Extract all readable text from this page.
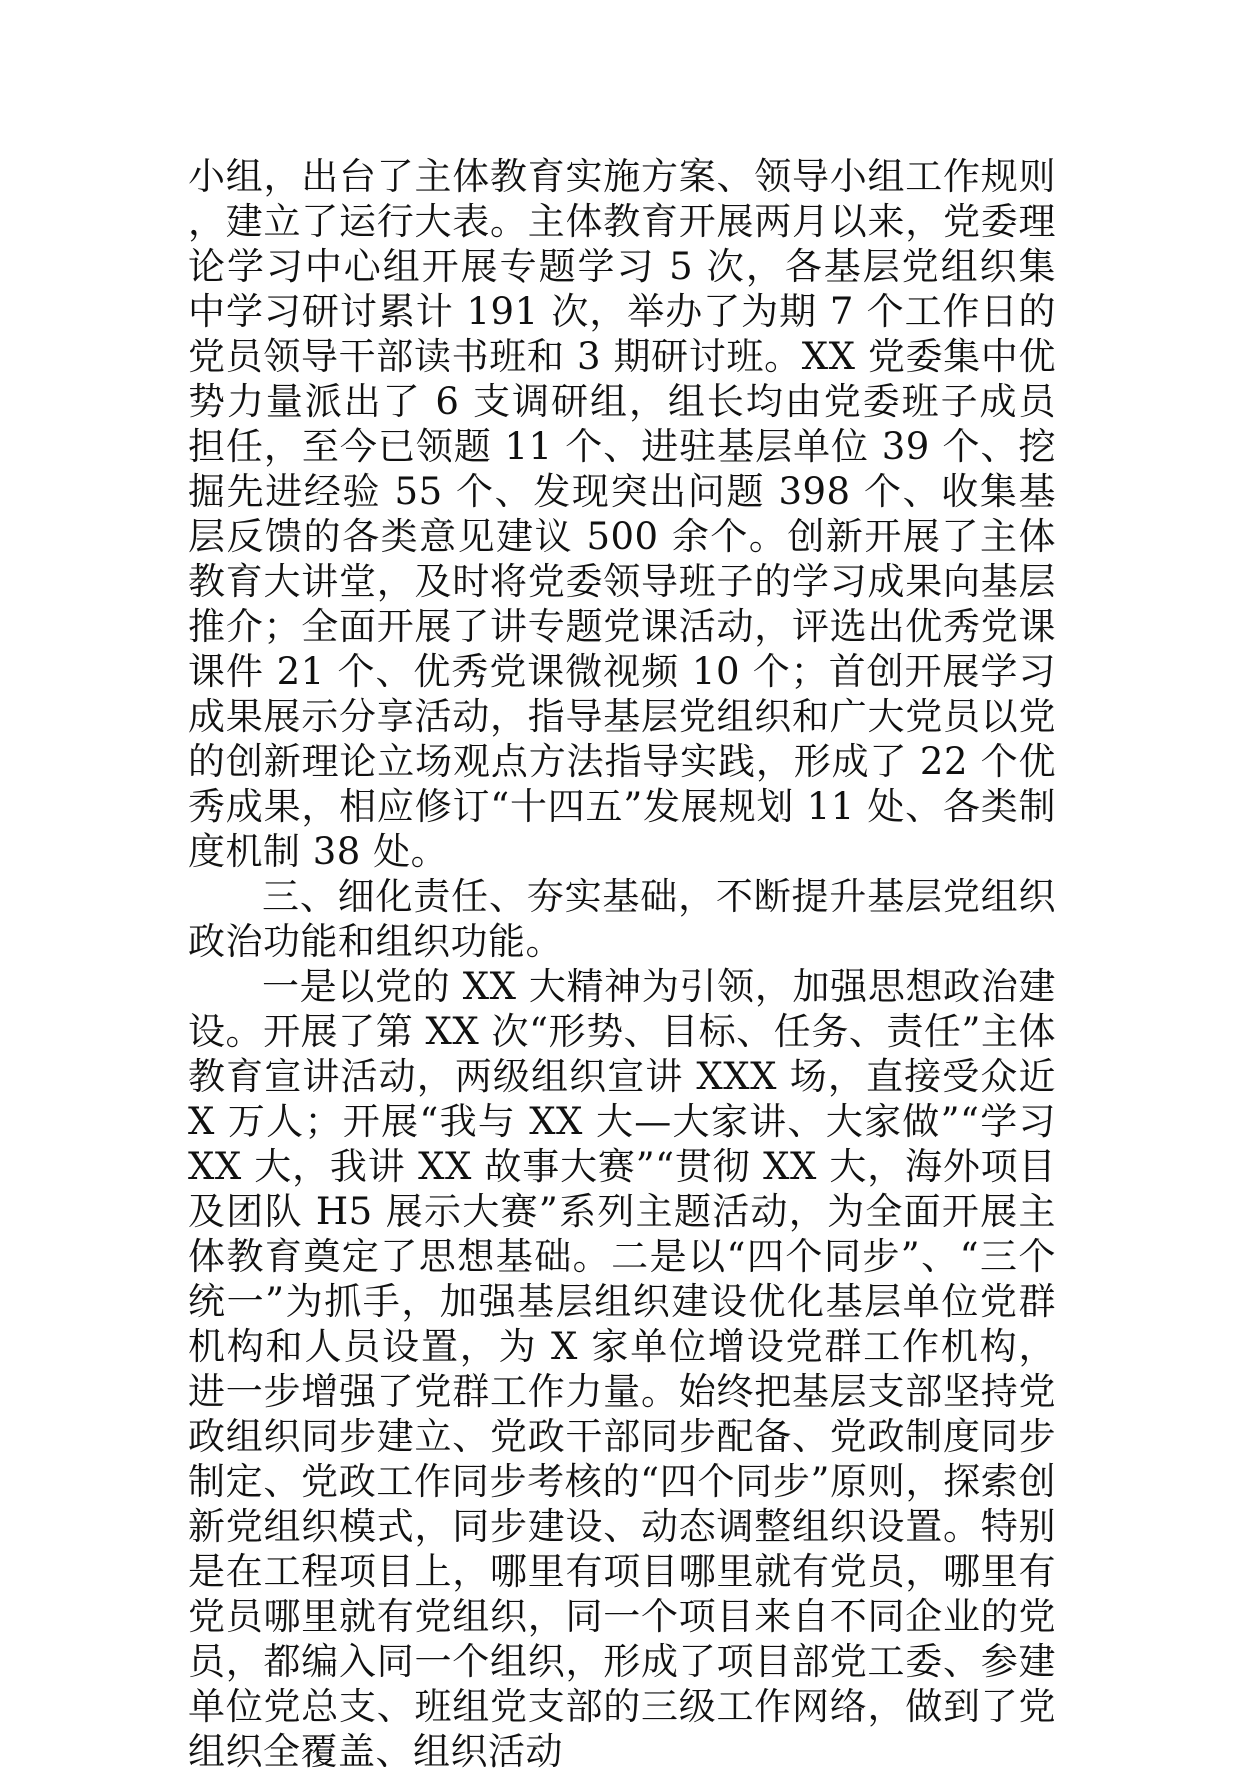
小组，出台了主体教育实施方案、领导小组工作规则，建立了运行大表。主体教育开展两月以来，党委理论学习中心组开展专题学习 5 次，各基层党组织集中学习研讨累计 191 次，举办了为期 7 个工作日的党员领导干部读书班和 3 期研讨班。XX 党委集中优势力量派出了 6 支调研组，组长均由党委班子成员担任，至今已领题 11 个、进驻基层单位 39 个、挖掘先进经验 55 个、发现突出问题 398 个、收集基层反馈的各类意见建议 500 余个。创新开展了主体教育大讲堂，及时将党委领导班子的学习成果向基层推介；全面开展了讲专题党课活动，评选出优秀党课课件 21 个、优秀党课微视频 10 个；首创开展学习成果展示分享活动，指导基层党组织和广大党员以党的创新理论立场观点方法指导实践，形成了 22 个优秀成果，相应修订“十四五”发展规划 11 处、各类制度机制 38 处。

三、细化责任、夯实基础，不断提升基层党组织政治功能和组织功能。

一是以党的 XX 大精神为引领，加强思想政治建设。开展了第 XX 次“形势、目标、任务、责任”主体教育宣讲活动，两级组织宣讲 XXX 场，直接受众近 X 万人；开展“我与 XX 大—大家讲、大家做”“学习 XX 大，我讲 XX 故事大赛”“贯彻 XX 大，海外项目及团队 H5 展示大赛”系列主题活动，为全面开展主体教育奠定了思想基础。二是以“四个同步”、“三个统一”为抓手，加强基层组织建设优化基层单位党群机构和人员设置，为 X 家单位增设党群工作机构，进一步增强了党群工作力量。始终把基层支部坚持党政组织同步建立、党政干部同步配备、党政制度同步制定、党政工作同步考核的“四个同步”原则，探索创新党组织模式，同步建设、动态调整组织设置。特别是在工程项目上，哪里有项目哪里就有党员，哪里有党员哪里就有党组织，同一个项目来自不同企业的党员，都编入同一个组织，形成了项目部党工委、参建单位党总支、班组党支部的三级工作网络，做到了党组织全覆盖、组织活动
